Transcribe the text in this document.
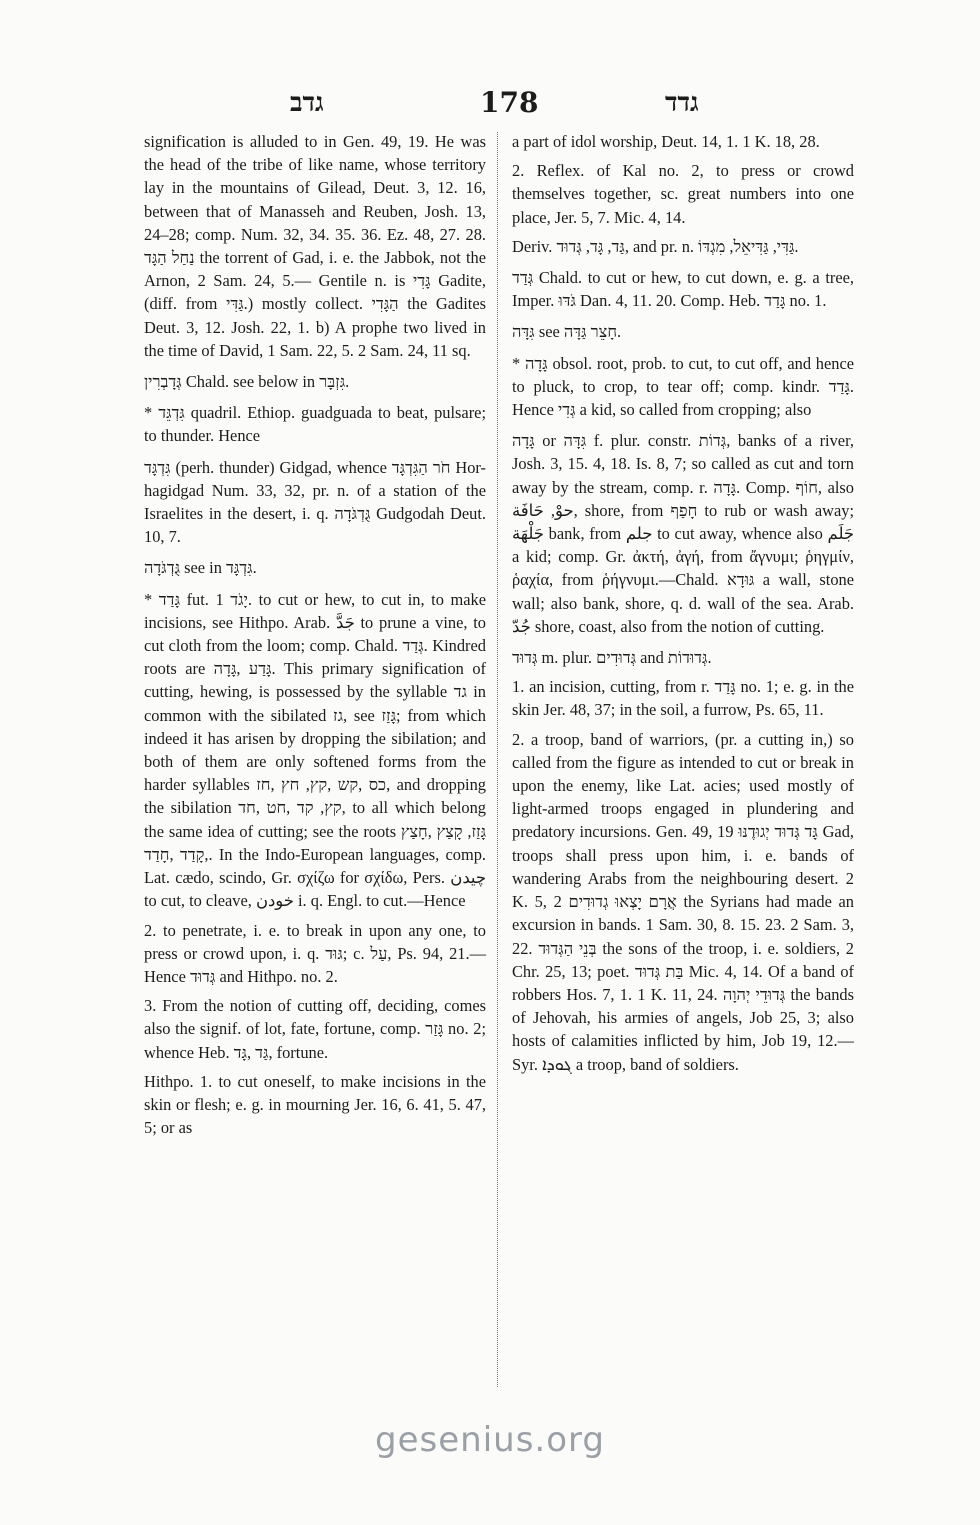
גדב	178	גדד

signification is alluded to in Gen. 49, 19. He was the head of the tribe of like name, whose territory lay in the mountains of Gilead, Deut. 3, 12. 16, between that of Manasseh and Reuben, Josh. 13, 24–28; comp. Num. 32, 34. 35. 36. Ez. 48, 27. 28. נַחַל הַגָּד the torrent of Gad, i. e. the Jabbok, not the Arnon, 2 Sam. 24, 5.— Gentile n. is גָּדִי Gadite, (diff. from גַּדִּי.) mostly collect. הַגָּדִי the Gadites Deut. 3, 12. Josh. 22, 1. b) A prophe two lived in the time of David, 1 Sam. 22, 5. 2 Sam. 24, 11 sq.

גְּדָבְרִין Chald. see below in גִּזְבָּר.

* גִּדְגֵּד quadril. Ethiop. guadguada to beat, pulsare; to thunder. Hence

גִּדְגָּד (perh. thunder) Gidgad, whence חֹר הַגִּדְגָּד Hor-hagidgad Num. 33, 32, pr. n. of a station of the Israelites in the desert, i. q. גֻּדְגֹּדָה Gudgodah Deut. 10, 7.

גֻּדְגֹּדָה see in גִּדְגָּד.

* גָּדַד fut. יָגֹד 1. to cut or hew, to cut in, to make incisions, see Hithpo. Arab. جَدَّ to prune a vine, to cut cloth from the loom; comp. Chald. גְּדַד. Kindred roots are גָּדַע ,גָּדָה. This primary signification of cutting, hewing, is possessed by the syllable גד in common with the sibilated גז, see גָּזַז; from which indeed it has arisen by dropping the sibilation; and both of them are only softened forms from the harder syllables כס ,קש ,קץ, חץ ,חז, and dropping the sibilation קץ, קד ,חט ,חד, to all which belong the same idea of cutting; see the roots גָּזַז, קָצַץ ,חָצַץ ,קָדַד ,חָדַד. In the Indo-European languages, comp. Lat. cædo, scindo, Gr. σχίζω for σχίδω, Pers. چیدن to cut, to cleave, خودن i. q. Engl. to cut.—Hence

2. to penetrate, i. e. to break in upon any one, to press or crowd upon, i. q. גּוּד; c. עַל, Ps. 94, 21.—Hence גְּדוּד and Hithpo. no. 2.

3. From the notion of cutting off, deciding, comes also the signif. of lot, fate, fortune, comp. גָּזַר no. 2; whence Heb. גַּד ,גָּד, fortune.

Hithpo. 1. to cut oneself, to make incisions in the skin or flesh; e. g. in mourning Jer. 16, 6. 41, 5. 47, 5; or as

a part of idol worship, Deut. 14, 1. 1 K. 18, 28.

2. Reflex. of Kal no. 2, to press or crowd themselves together, sc. great numbers into one place, Jer. 5, 7. Mic. 4, 14.

Deriv. גַּד, גָּד, גְּדוּד, and pr. n. גַּדִּי, גַּדִּיאֵל, מִגְדּוֹ.

גְּדַד Chald. to cut or hew, to cut down, e. g. a tree, Imper. גֹּדּוּ Dan. 4, 11. 20. Comp. Heb. גָּדַד no. 1.

גִּדָּה see חָצֵר גַּדָּה.

* גָּדָה obsol. root, prob. to cut, to cut off, and hence to pluck, to crop, to tear off; comp. kindr. גָּדַד. Hence גְּדִי a kid, so called from cropping; also

גָּדָה or גִּדָּה f. plur. constr. גְּדוֹת, banks of a river, Josh. 3, 15. 4, 18. Is. 8, 7; so called as cut and torn away by the stream, comp. r. גָּדָה. Comp. חוֹף, also حوْ, حَافَة, shore, from חָפַף to rub or wash away; جَلْهَة bank, from جلم to cut away, whence also جَلَم a kid; comp. Gr. ἀκτή, ἀγή, from ἄγνυμι; ῥηγμίν, ῥαχία, from ῥήγνυμι.—Chald. גּוּדָא a wall, stone wall; also bank, shore, q. d. wall of the sea. Arab. جُدّ shore, coast, also from the notion of cutting.

גְּדוּד m. plur. גְּדוּדִים and גְּדוּדוֹת.

1. an incision, cutting, from r. גָּדַד no. 1; e. g. in the skin Jer. 48, 37; in the soil, a furrow, Ps. 65, 11.

2. a troop, band of warriors, (pr. a cutting in,) so called from the figure as intended to cut or break in upon the enemy, like Lat. acies; used mostly of light-armed troops engaged in plundering and predatory incursions. Gen. 49, 19 גָּד גְּדוּד יְגוּדֶנּוּ Gad, troops shall press upon him, i. e. bands of wandering Arabs from the neighbouring desert. 2 K. 5, 2 אֲרָם יָצְאוּ גְדוּדִים the Syrians had made an excursion in bands. 1 Sam. 30, 8. 15. 23. 2 Sam. 3, 22. בְּנֵי הַגְּדוּד the sons of the troop, i. e. soldiers, 2 Chr. 25, 13; poet. בַּת גְּדוּד Mic. 4, 14. Of a band of robbers Hos. 7, 1. 1 K. 11, 24. גְּדוּדֵי יְהוָה the bands of Jehovah, his armies of angels, Job 25, 3; also hosts of calamities inflicted by him, Job 19, 12.—Syr. ܓܘܕܐ a troop, band of soldiers.

gesenius.org
